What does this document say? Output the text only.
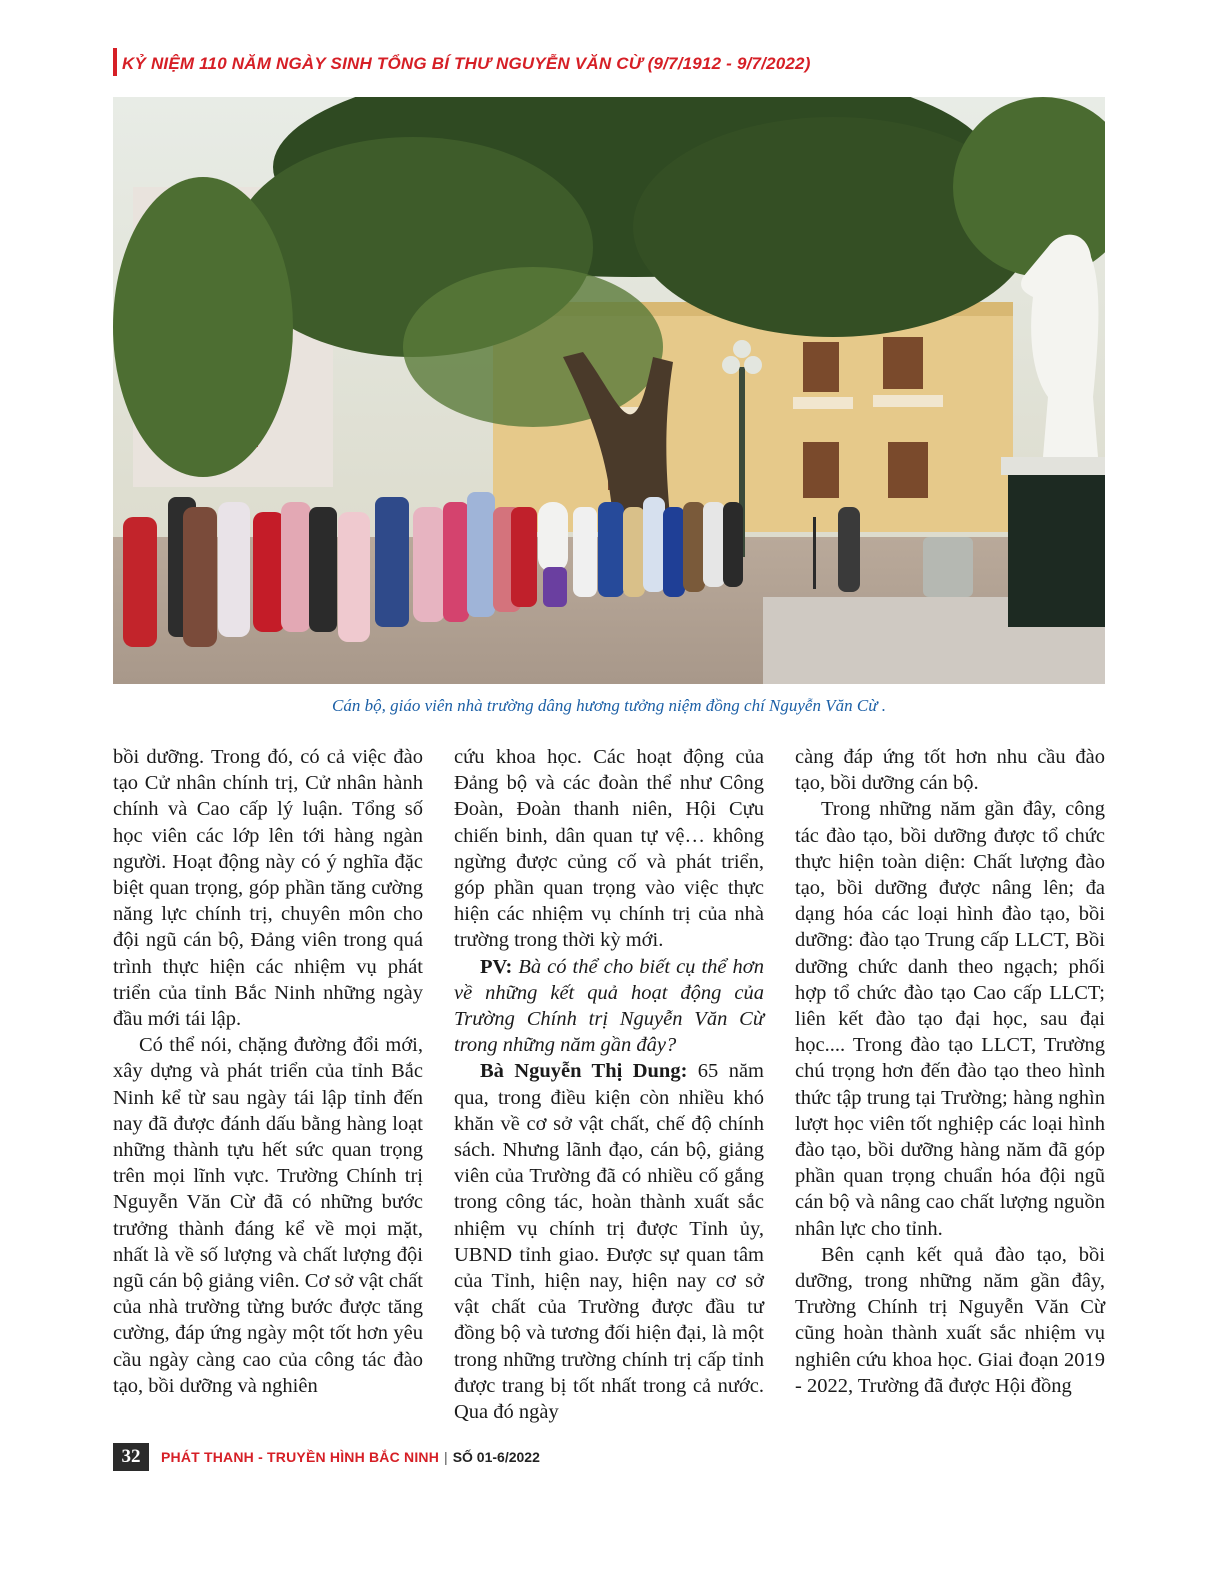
KỶ NIỆM 110 NĂM NGÀY SINH TỔNG BÍ THƯ NGUYỄN VĂN CỪ (9/7/1912 - 9/7/2022)
Cán bộ, giáo viên nhà trường dâng hương tưởng niệm đồng chí Nguyễn Văn Cừ .

bồi dưỡng. Trong đó, có cả việc đào tạo Cử nhân chính trị, Cử nhân hành chính và Cao cấp lý luận. Tổng số học viên các lớp lên tới hàng ngàn người. Hoạt động này có ý nghĩa đặc biệt quan trọng, góp phần tăng cường năng lực chính trị, chuyên môn cho đội ngũ cán bộ, Đảng viên trong quá trình thực hiện các nhiệm vụ phát triển của tỉnh Bắc Ninh những ngày đầu mới tái lập.

Có thể nói, chặng đường đổi mới, xây dựng và phát triển của tỉnh Bắc Ninh kể từ sau ngày tái lập tỉnh đến nay đã được đánh dấu bằng hàng loạt những thành tựu hết sức quan trọng trên mọi lĩnh vực. Trường Chính trị Nguyễn Văn Cừ đã có những bước trưởng thành đáng kể về mọi mặt, nhất là về số lượng và chất lượng đội ngũ cán bộ giảng viên. Cơ sở vật chất của nhà trường từng bước được tăng cường, đáp ứng ngày một tốt hơn yêu cầu ngày càng cao của công tác đào tạo, bồi dưỡng và nghiên

cứu khoa học. Các hoạt động của Đảng bộ và các đoàn thể như Công Đoàn, Đoàn thanh niên, Hội Cựu chiến binh, dân quan tự vệ… không ngừng được củng cố và phát triển, góp phần quan trọng vào việc thực hiện các nhiệm vụ chính trị của nhà trường trong thời kỳ mới.

PV: Bà có thể cho biết cụ thể hơn về những kết quả hoạt động của Trường Chính trị Nguyễn Văn Cừ trong những năm gần đây?

Bà Nguyễn Thị Dung: 65 năm qua, trong điều kiện còn nhiều khó khăn về cơ sở vật chất, chế độ chính sách. Nhưng lãnh đạo, cán bộ, giảng viên của Trường đã có nhiều cố gắng trong công tác, hoàn thành xuất sắc nhiệm vụ chính trị được Tỉnh ủy, UBND tỉnh giao. Được sự quan tâm của Tỉnh, hiện nay, hiện nay cơ sở vật chất của Trường được đầu tư đồng bộ và tương đối hiện đại, là một trong những trường chính trị cấp tỉnh được trang bị tốt nhất trong cả nước. Qua đó ngày

càng đáp ứng tốt hơn nhu cầu đào tạo, bồi dưỡng cán bộ.

Trong những năm gần đây, công tác đào tạo, bồi dưỡng được tổ chức thực hiện toàn diện: Chất lượng đào tạo, bồi dưỡng được nâng lên; đa dạng hóa các loại hình đào tạo, bồi dưỡng: đào tạo Trung cấp LLCT, Bồi dưỡng chức danh theo ngạch; phối hợp tổ chức đào tạo Cao cấp LLCT; liên kết đào tạo đại học, sau đại học.... Trong đào tạo LLCT, Trường chú trọng hơn đến đào tạo theo hình thức tập trung tại Trường; hàng nghìn lượt học viên tốt nghiệp các loại hình đào tạo, bồi dưỡng hàng năm đã góp phần quan trọng chuẩn hóa đội ngũ cán bộ và nâng cao chất lượng nguồn nhân lực cho tỉnh.

Bên cạnh kết quả đào tạo, bồi dưỡng, trong những năm gần đây, Trường Chính trị Nguyễn Văn Cừ cũng hoàn thành xuất sắc nhiệm vụ nghiên cứu khoa học. Giai đoạn 2019 - 2022, Trường đã được Hội đồng

32	PHÁT THANH - TRUYỀN HÌNH BẮC NINH | SỐ 01-6/2022
